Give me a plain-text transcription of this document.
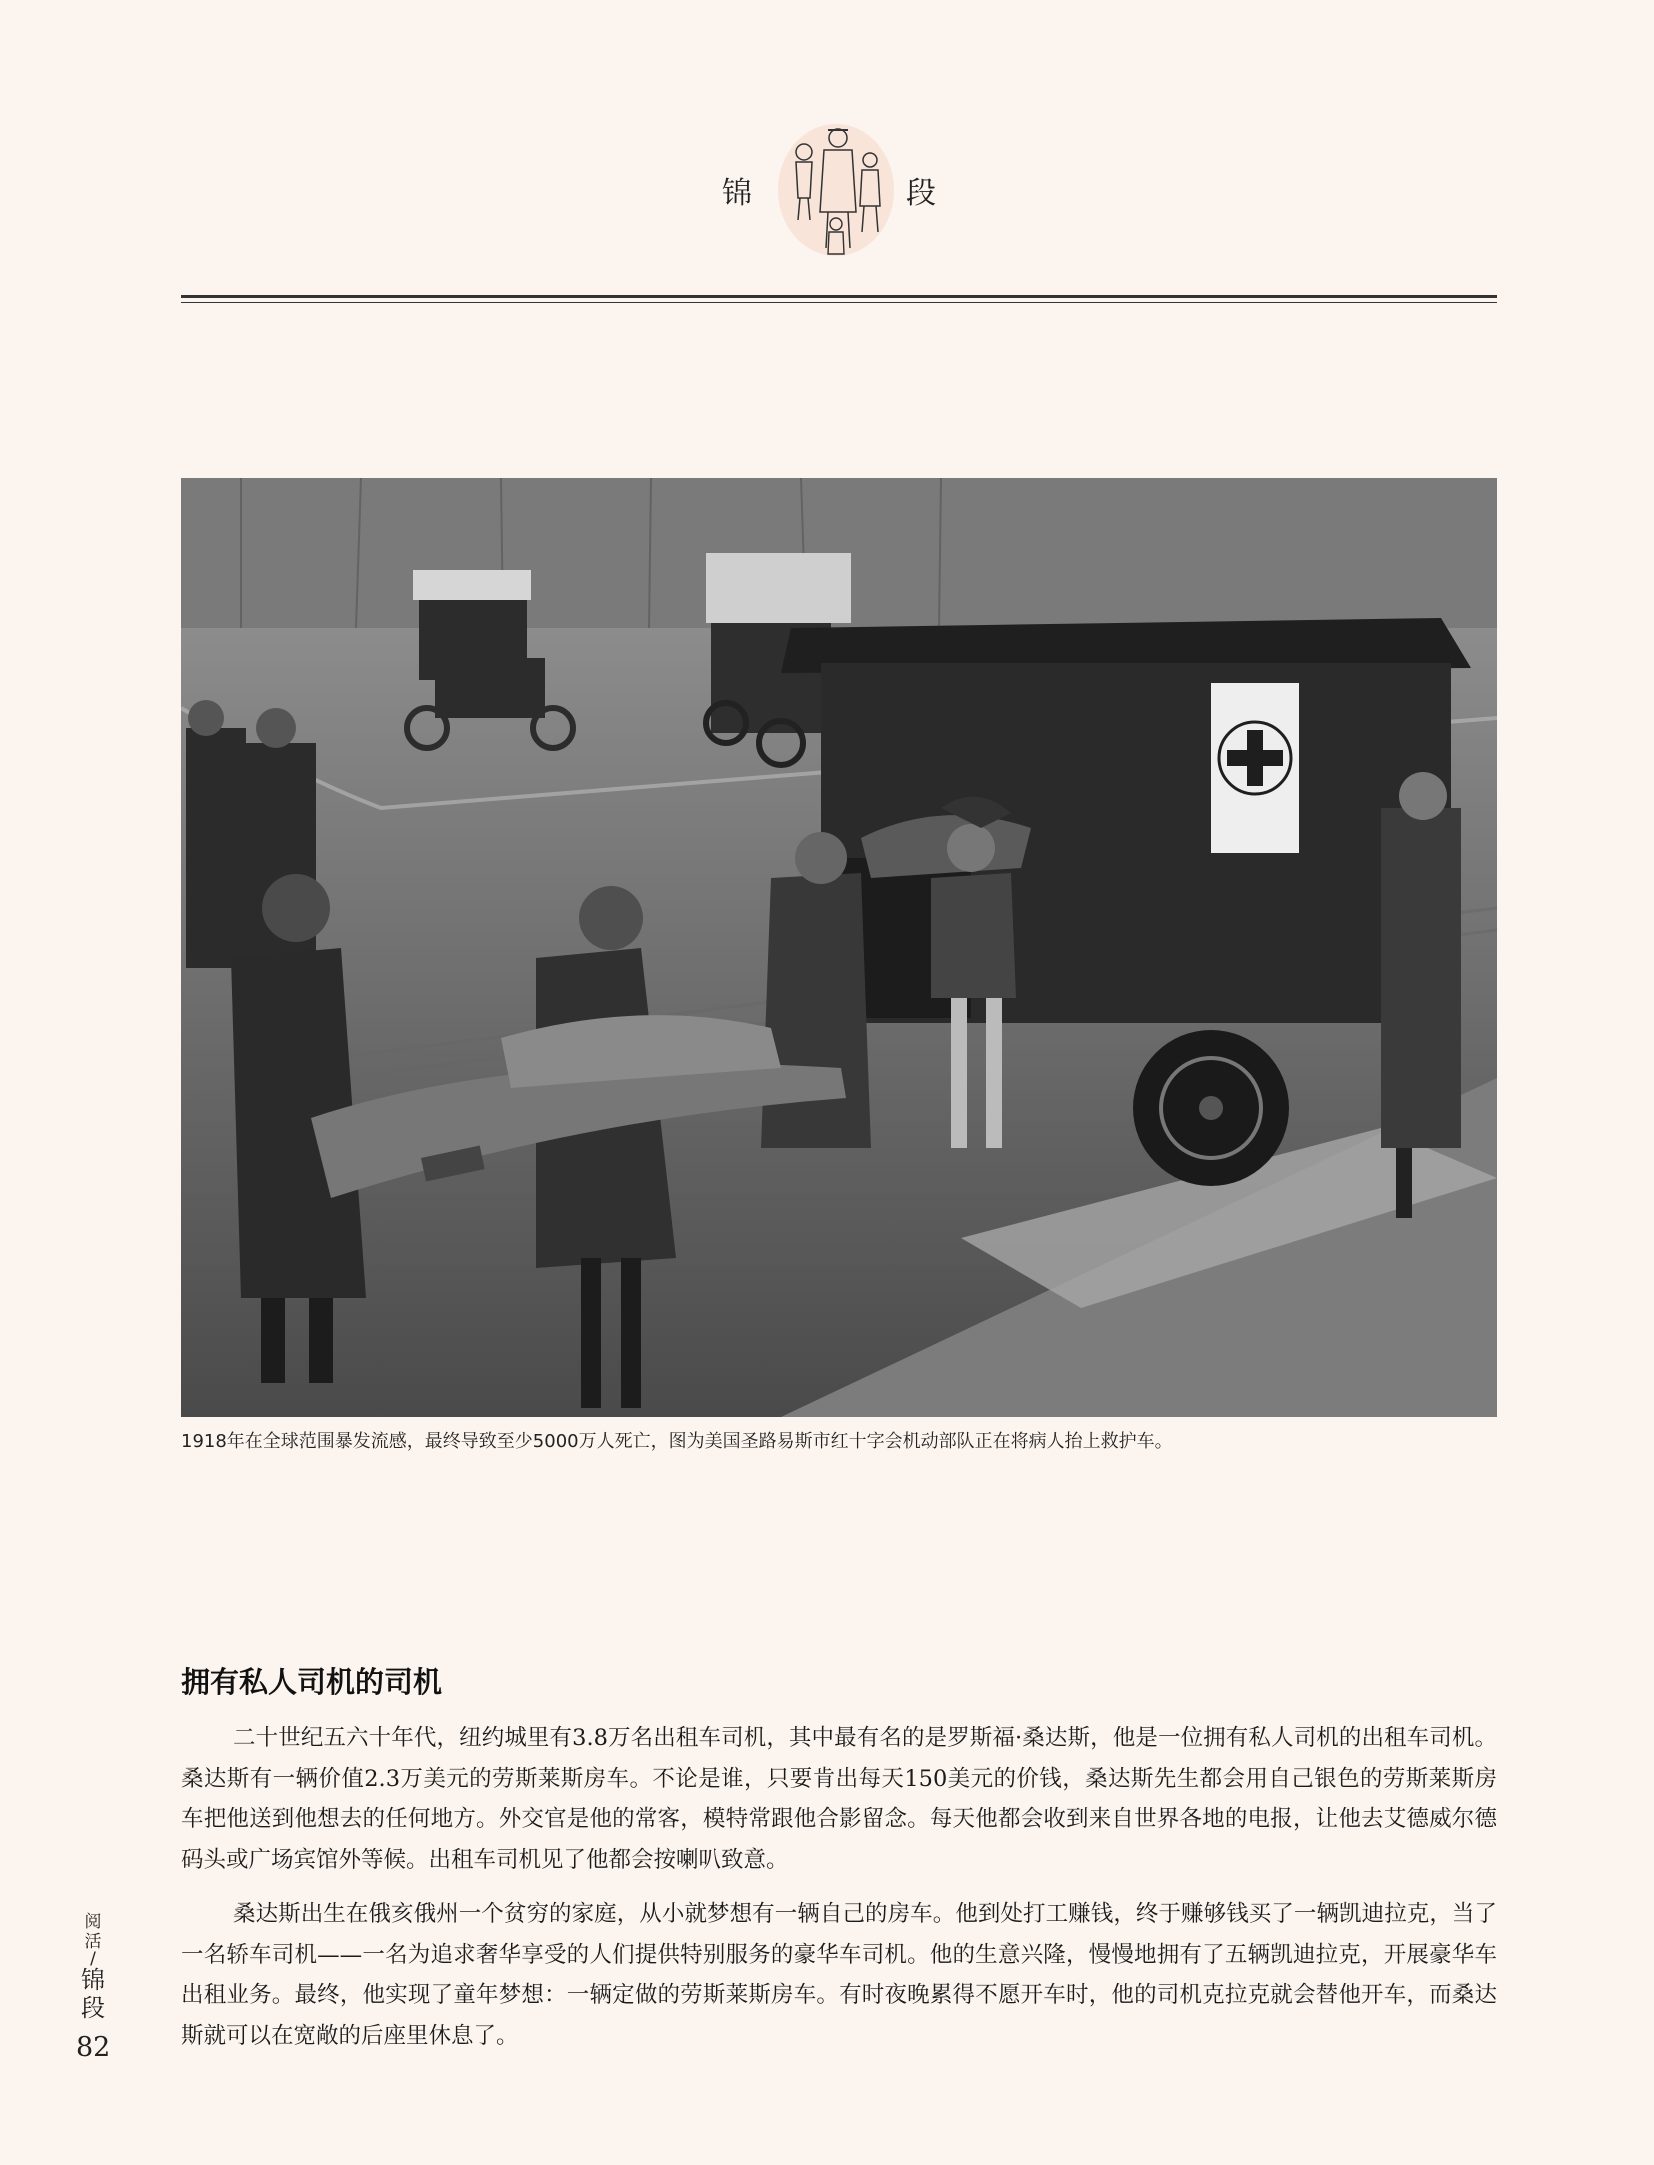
锦	段
1918年在全球范围暴发流感，最终导致至少5000万人死亡，图为美国圣路易斯市红十字会机动部队正在将病人抬上救护车。
拥有私人司机的司机

二十世纪五六十年代，纽约城里有3.8万名出租车司机，其中最有名的是罗斯福·桑达斯，他是一位拥有私人司机的出租车司机。桑达斯有一辆价值2.3万美元的劳斯莱斯房车。不论是谁，只要肯出每天150美元的价钱，桑达斯先生都会用自己银色的劳斯莱斯房车把他送到他想去的任何地方。外交官是他的常客，模特常跟他合影留念。每天他都会收到来自世界各地的电报，让他去艾德威尔德码头或广场宾馆外等候。出租车司机见了他都会按喇叭致意。

桑达斯出生在俄亥俄州一个贫穷的家庭，从小就梦想有一辆自己的房车。他到处打工赚钱，终于赚够钱买了一辆凯迪拉克，当了一名轿车司机——一名为追求奢华享受的人们提供特别服务的豪华车司机。他的生意兴隆，慢慢地拥有了五辆凯迪拉克，开展豪华车出租业务。最终，他实现了童年梦想：一辆定做的劳斯莱斯房车。有时夜晚累得不愿开车时，他的司机克拉克就会替他开车，而桑达斯就可以在宽敞的后座里休息了。

阅
活
/
锦
段
82
